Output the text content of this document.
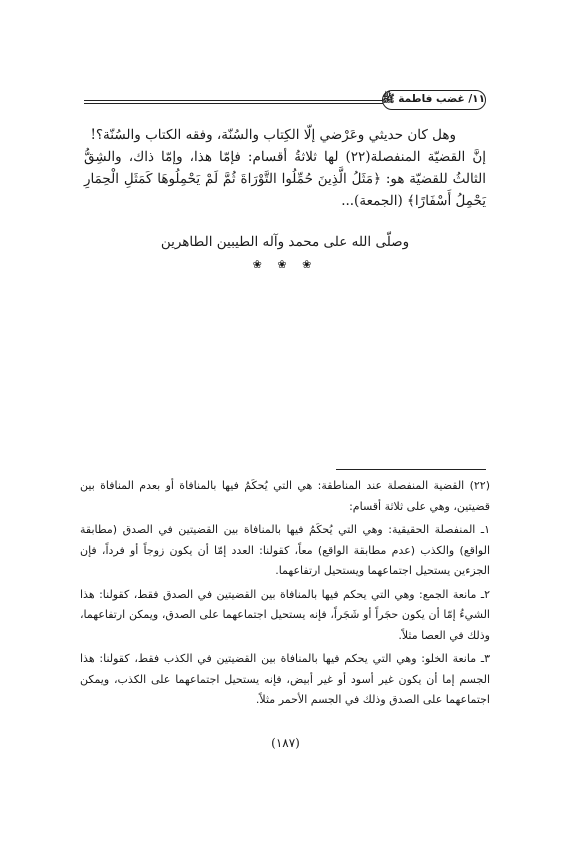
١١/ غضب فاطمة ﷺ

وهل كان حديثي وعَرْضي إلّا الكِتاب والسُنّة، وفقه الكتاب والسُنّة؟!

إنَّ القضيّة المنفصلة(٢٢) لها ثلاثةُ أقسام: فإمّا هذا، وإمّا ذاك، والشِقُّ الثالثُ للقضيّة هو: ﴿مَثَلُ الَّذِينَ حُمِّلُوا التَّوْرَاةَ ثُمَّ لَمْ يَحْمِلُوهَا كَمَثَلِ الْحِمَارِ يَحْمِلُ أَسْفَارًا﴾ (الجمعة)...

وصلّى الله على محمد وآله الطيبين الطاهرين
❀ ❀ ❀

(٢٢) القضية المنفصلة عند المناطقة: هي التي يُحكَمُ فيها بالمنافاة أو بعدم المنافاة بين قضيتين، وهي على ثلاثة أقسام:

١ـ المنفصلة الحقيقية: وهي التي يُحكَمُ فيها بالمنافاة بين القضيتين في الصدق (مطابقة الواقع) والكذب (عدم مطابقة الواقع) معاً، كقولنا: العدد إمّا أن يكون زوجاً أو فرداً، فإن الجزءين يستحيل اجتماعهما ويستحيل ارتفاعهما.

٢ـ مانعة الجمع: وهي التي يحكم فيها بالمنافاة بين القضيتين في الصدق فقط، كقولنا: هذا الشيءُ إمّا أن يكون حجَراً أو شَجَراً، فإنه يستحيل اجتماعهما على الصدق، ويمكن ارتفاعهما، وذلك في العصا مثلاً.

٣ـ مانعة الخلو: وهي التي يحكم فيها بالمنافاة بين القضيتين في الكذب فقط، كقولنا: هذا الجسم إما أن يكون غير أسود أو غير أبيض، فإنه يستحيل اجتماعهما على الكذب، ويمكن اجتماعهما على الصدق وذلك في الجسم الأحمر مثلاً.

(١٨٧)
